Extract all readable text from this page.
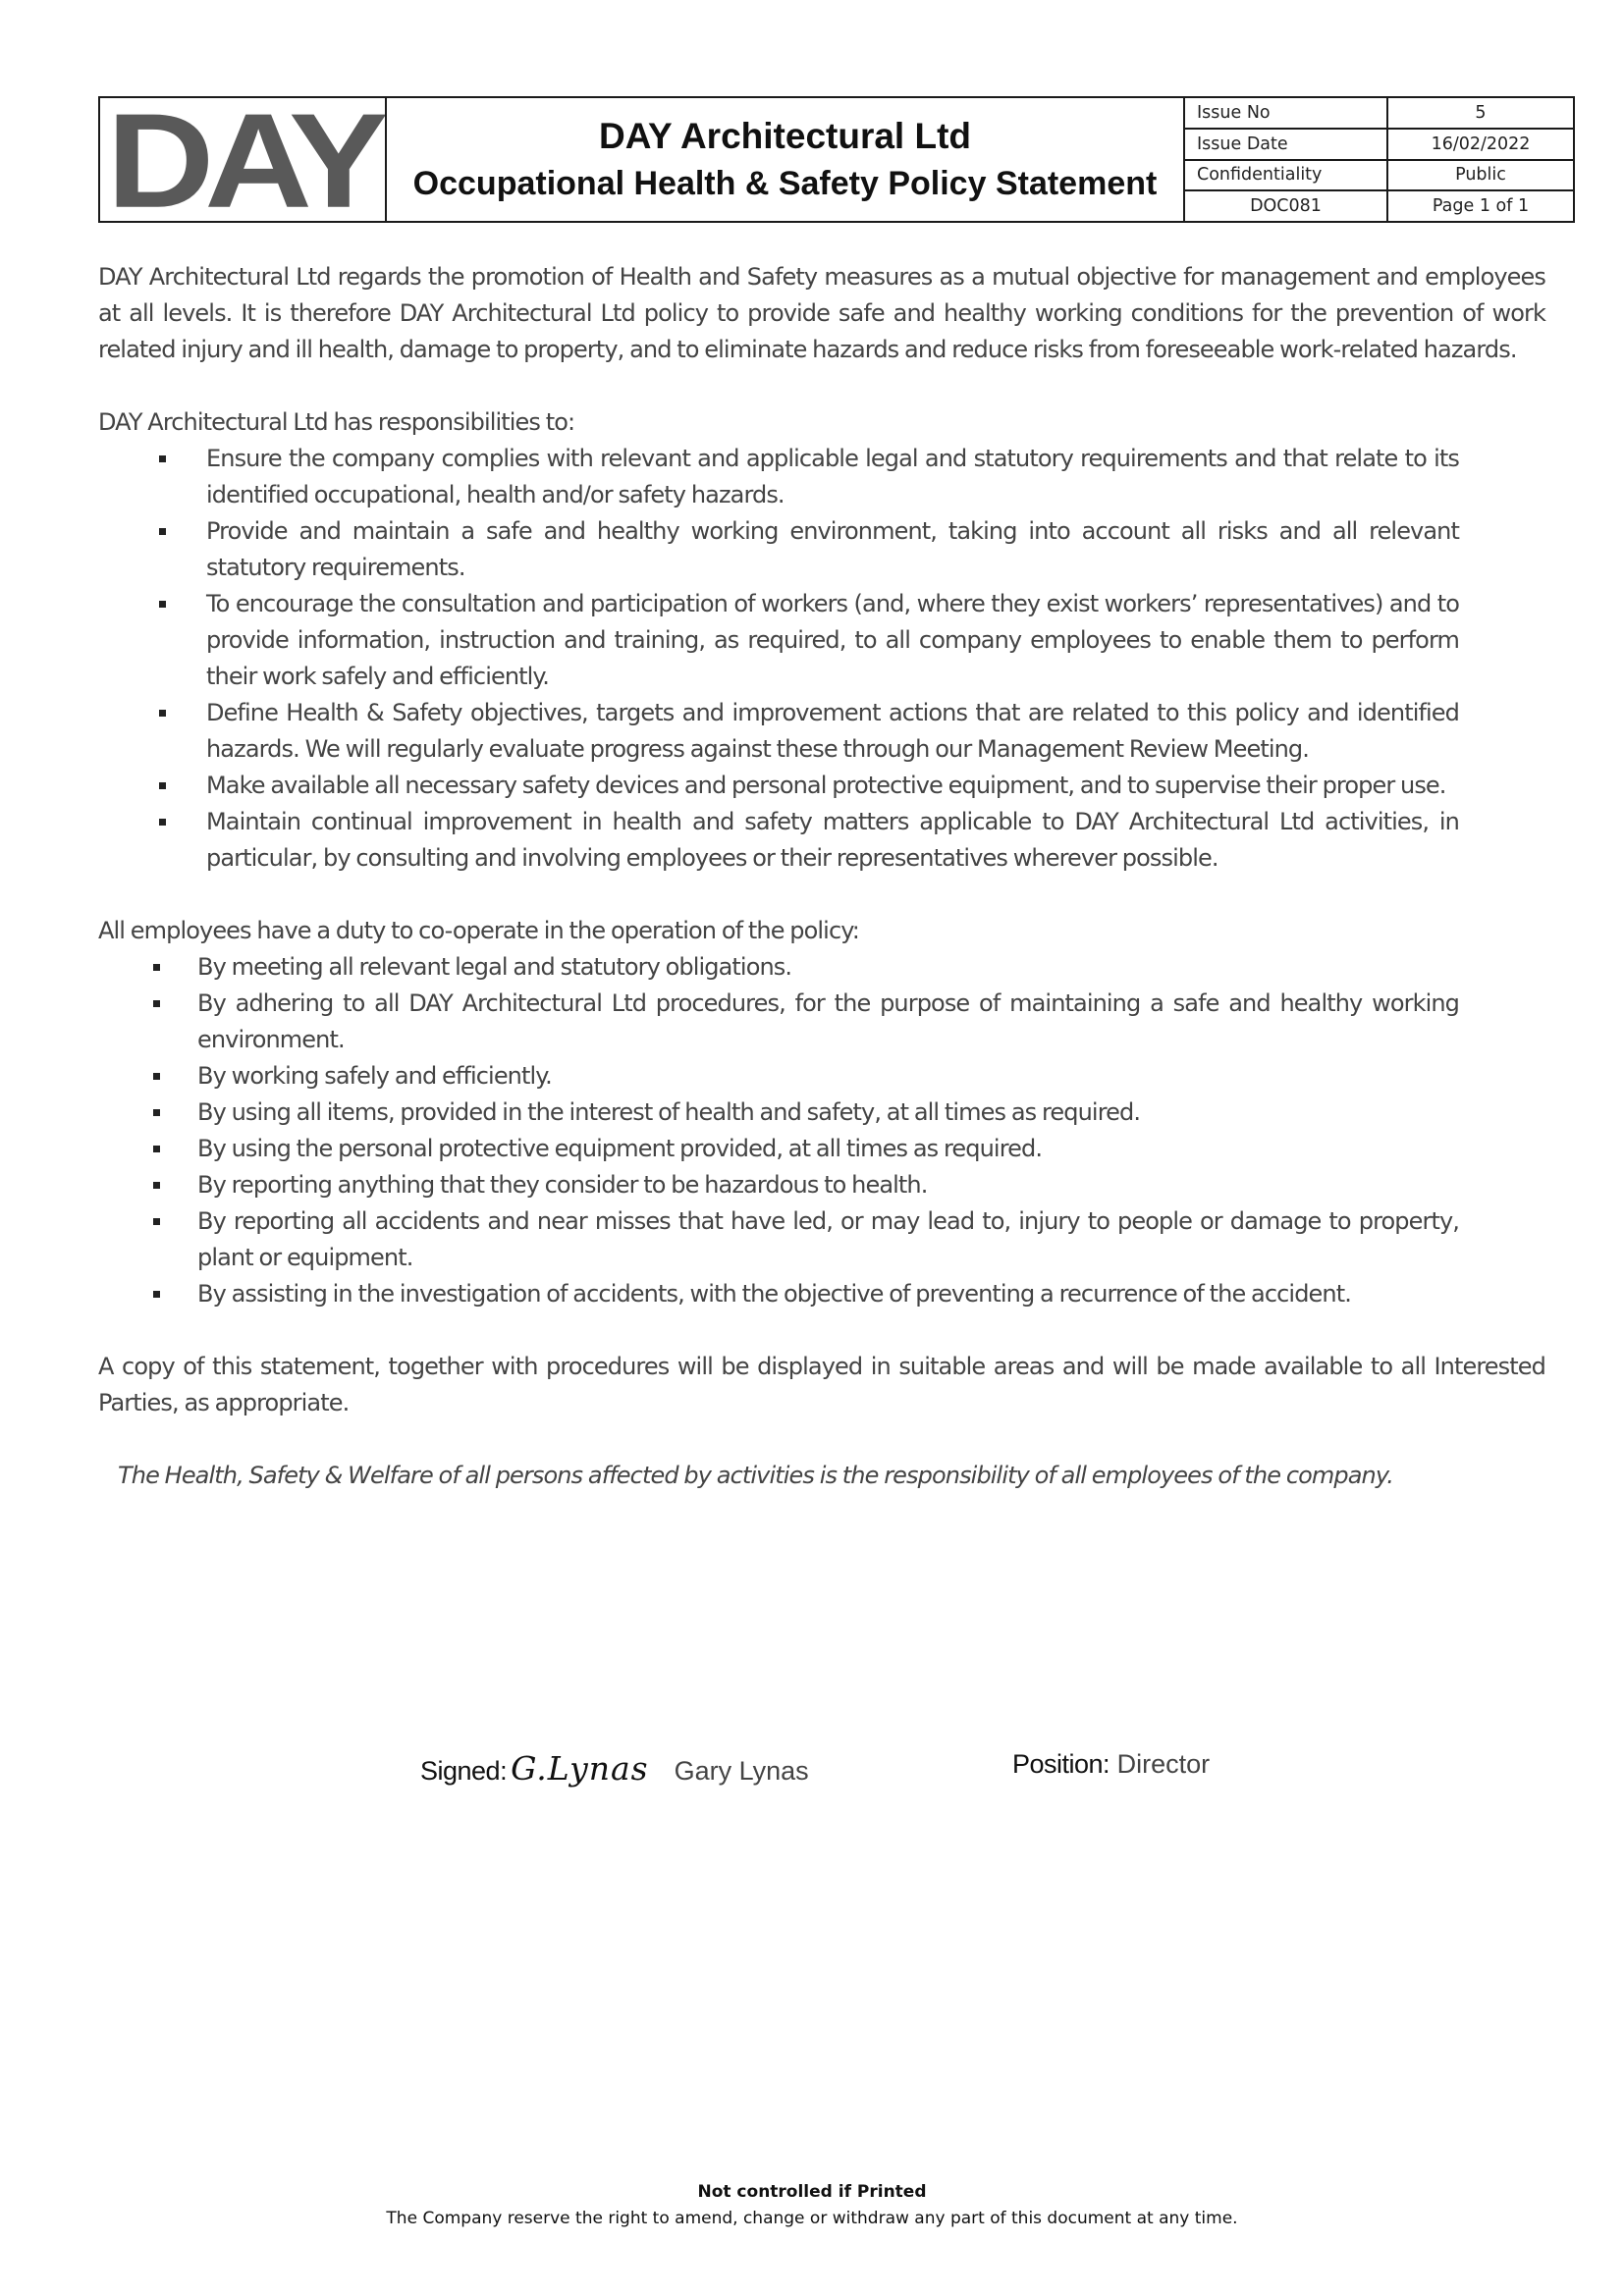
DAY	DAY Architectural Ltd
Occupational Health & Safety Policy Statement
Issue No	5
Issue Date	16/02/2022
Confidentiality	Public
DOC081	Page 1 of 1

DAY Architectural Ltd regards the promotion of Health and Safety measures as a mutual objective for management and employees at all levels. It is therefore DAY Architectural Ltd policy to provide safe and healthy working conditions for the prevention of work related injury and ill health, damage to property, and to eliminate hazards and reduce risks from foreseeable work-related hazards.

DAY Architectural Ltd has responsibilities to:

Ensure the company complies with relevant and applicable legal and statutory requirements and that relate to its identified occupational, health and/or safety hazards.
Provide and maintain a safe and healthy working environment, taking into account all risks and all relevant statutory requirements.
To encourage the consultation and participation of workers (and, where they exist workers’ representatives) and to provide information, instruction and training, as required, to all company employees to enable them to perform their work safely and efficiently.
Define Health & Safety objectives, targets and improvement actions that are related to this policy and identified hazards. We will regularly evaluate progress against these through our Management Review Meeting.
Make available all necessary safety devices and personal protective equipment, and to supervise their proper use.
Maintain continual improvement in health and safety matters applicable to DAY Architectural Ltd activities, in particular, by consulting and involving employees or their representatives wherever possible.

All employees have a duty to co-operate in the operation of the policy:

By meeting all relevant legal and statutory obligations.
By adhering to all DAY Architectural Ltd procedures, for the purpose of maintaining a safe and healthy working environment.
By working safely and efficiently.
By using all items, provided in the interest of health and safety, at all times as required.
By using the personal protective equipment provided, at all times as required.
By reporting anything that they consider to be hazardous to health.
By reporting all accidents and near misses that have led, or may lead to, injury to people or damage to property, plant or equipment.
By assisting in the investigation of accidents, with the objective of preventing a recurrence of the accident.

A copy of this statement, together with procedures will be displayed in suitable areas and will be made available to all Interested Parties, as appropriate.

The Health, Safety & Welfare of all persons affected by activities is the responsibility of all employees of the company.

Signed: G.Lynas Gary Lynas	Position: Director
Not controlled if Printed
The Company reserve the right to amend, change or withdraw any part of this document at any time.
